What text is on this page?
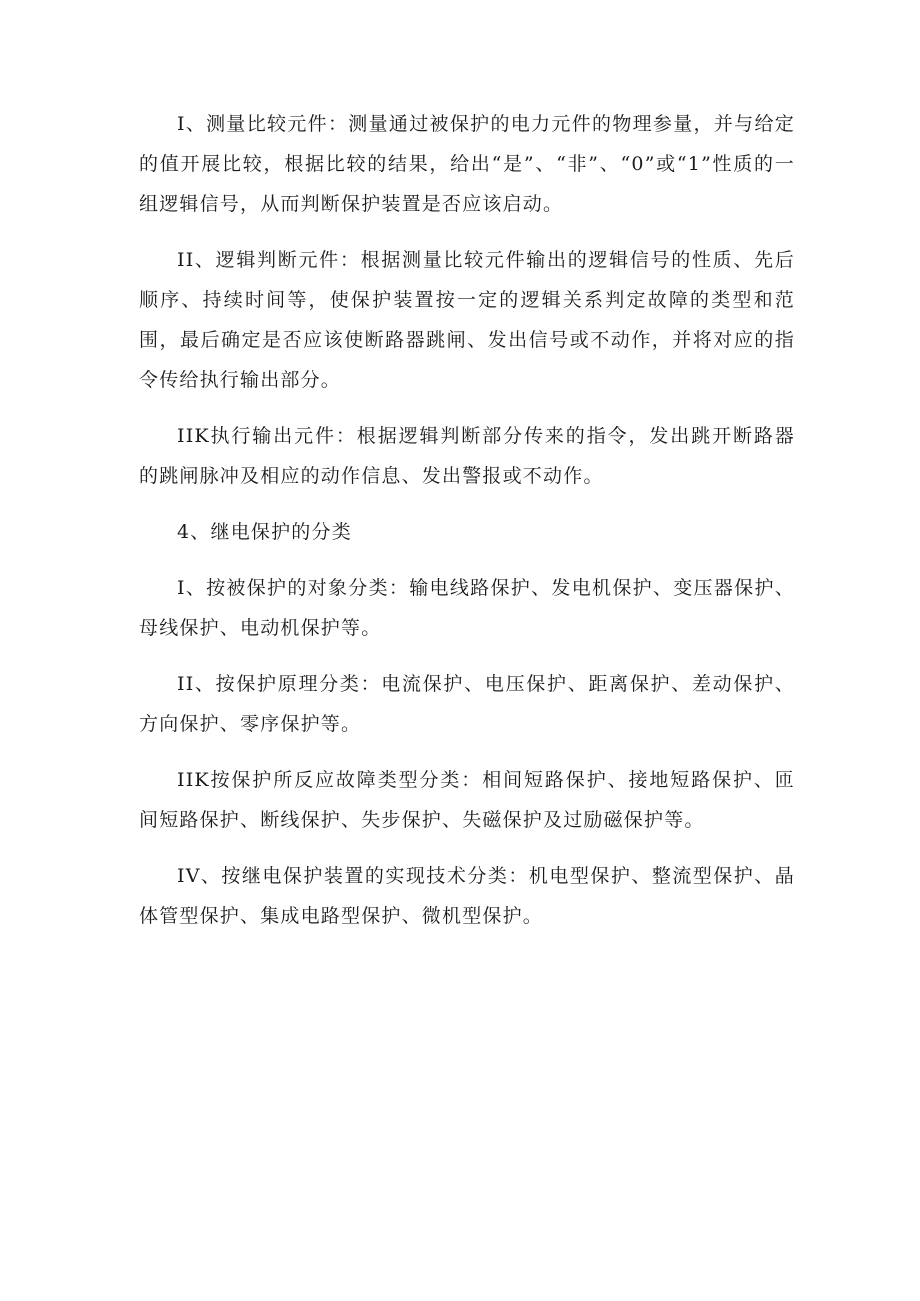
I、测量比较元件：测量通过被保护的电力元件的物理参量，并与给定的值开展比较，根据比较的结果，给出“是”、“非”、“0”或“1”性质的一组逻辑信号，从而判断保护装置是否应该启动。

II、逻辑判断元件：根据测量比较元件输出的逻辑信号的性质、先后顺序、持续时间等，使保护装置按一定的逻辑关系判定故障的类型和范围，最后确定是否应该使断路器跳闸、发出信号或不动作，并将对应的指令传给执行输出部分。

IIK执行输出元件：根据逻辑判断部分传来的指令，发出跳开断路器的跳闸脉冲及相应的动作信息、发出警报或不动作。

4、继电保护的分类

I、按被保护的对象分类：输电线路保护、发电机保护、变压器保护、母线保护、电动机保护等。

II、按保护原理分类：电流保护、电压保护、距离保护、差动保护、方向保护、零序保护等。

IIK按保护所反应故障类型分类：相间短路保护、接地短路保护、匝间短路保护、断线保护、失步保护、失磁保护及过励磁保护等。

IV、按继电保护装置的实现技术分类：机电型保护、整流型保护、晶体管型保护、集成电路型保护、微机型保护。
